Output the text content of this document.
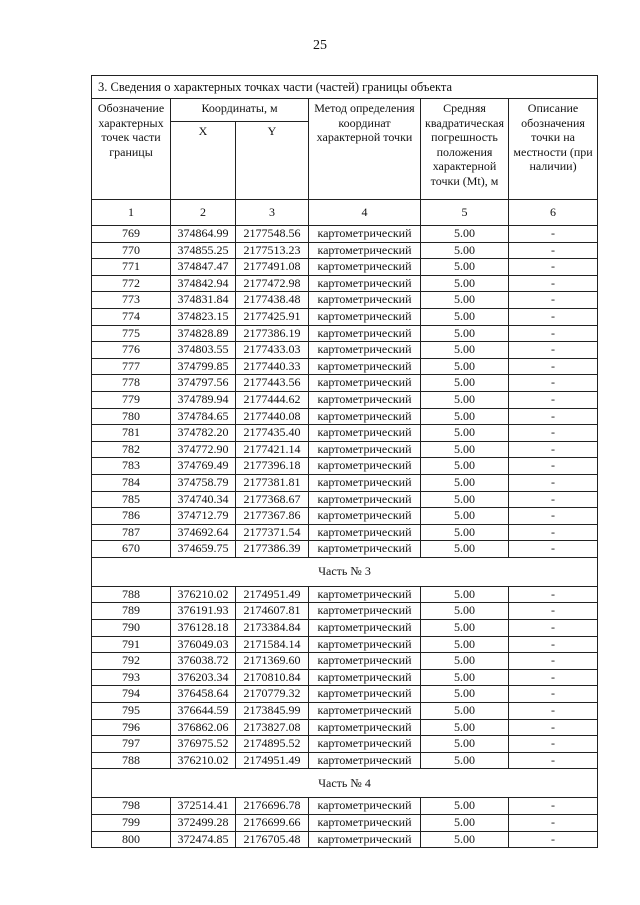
25
3. Сведения о характерных точках части (частей) границы объекта					
Обозначение характерных точек части границы	Координаты, м		Метод определения координат характерной точки	Средняя квадратическая погрешность положения характерной точки (Mt), м	Описание обозначения точки на местности (при наличии)
	X	Y			
1	2	3	4	5	6
769	374864.99	2177548.56	картометрический	5.00	-
770	374855.25	2177513.23	картометрический	5.00	-
771	374847.47	2177491.08	картометрический	5.00	-
772	374842.94	2177472.98	картометрический	5.00	-
773	374831.84	2177438.48	картометрический	5.00	-
774	374823.15	2177425.91	картометрический	5.00	-
775	374828.89	2177386.19	картометрический	5.00	-
776	374803.55	2177433.03	картометрический	5.00	-
777	374799.85	2177440.33	картометрический	5.00	-
778	374797.56	2177443.56	картометрический	5.00	-
779	374789.94	2177444.62	картометрический	5.00	-
780	374784.65	2177440.08	картометрический	5.00	-
781	374782.20	2177435.40	картометрический	5.00	-
782	374772.90	2177421.14	картометрический	5.00	-
783	374769.49	2177396.18	картометрический	5.00	-
784	374758.79	2177381.81	картометрический	5.00	-
785	374740.34	2177368.67	картометрический	5.00	-
786	374712.79	2177367.86	картометрический	5.00	-
787	374692.64	2177371.54	картометрический	5.00	-
670	374659.75	2177386.39	картометрический	5.00	-
Часть № 3					
788	376210.02	2174951.49	картометрический	5.00	-
789	376191.93	2174607.81	картометрический	5.00	-
790	376128.18	2173384.84	картометрический	5.00	-
791	376049.03	2171584.14	картометрический	5.00	-
792	376038.72	2171369.60	картометрический	5.00	-
793	376203.34	2170810.84	картометрический	5.00	-
794	376458.64	2170779.32	картометрический	5.00	-
795	376644.59	2173845.99	картометрический	5.00	-
796	376862.06	2173827.08	картометрический	5.00	-
797	376975.52	2174895.52	картометрический	5.00	-
788	376210.02	2174951.49	картометрический	5.00	-
Часть № 4					
798	372514.41	2176696.78	картометрический	5.00	-
799	372499.28	2176699.66	картометрический	5.00	-
800	372474.85	2176705.48	картометрический	5.00	-
